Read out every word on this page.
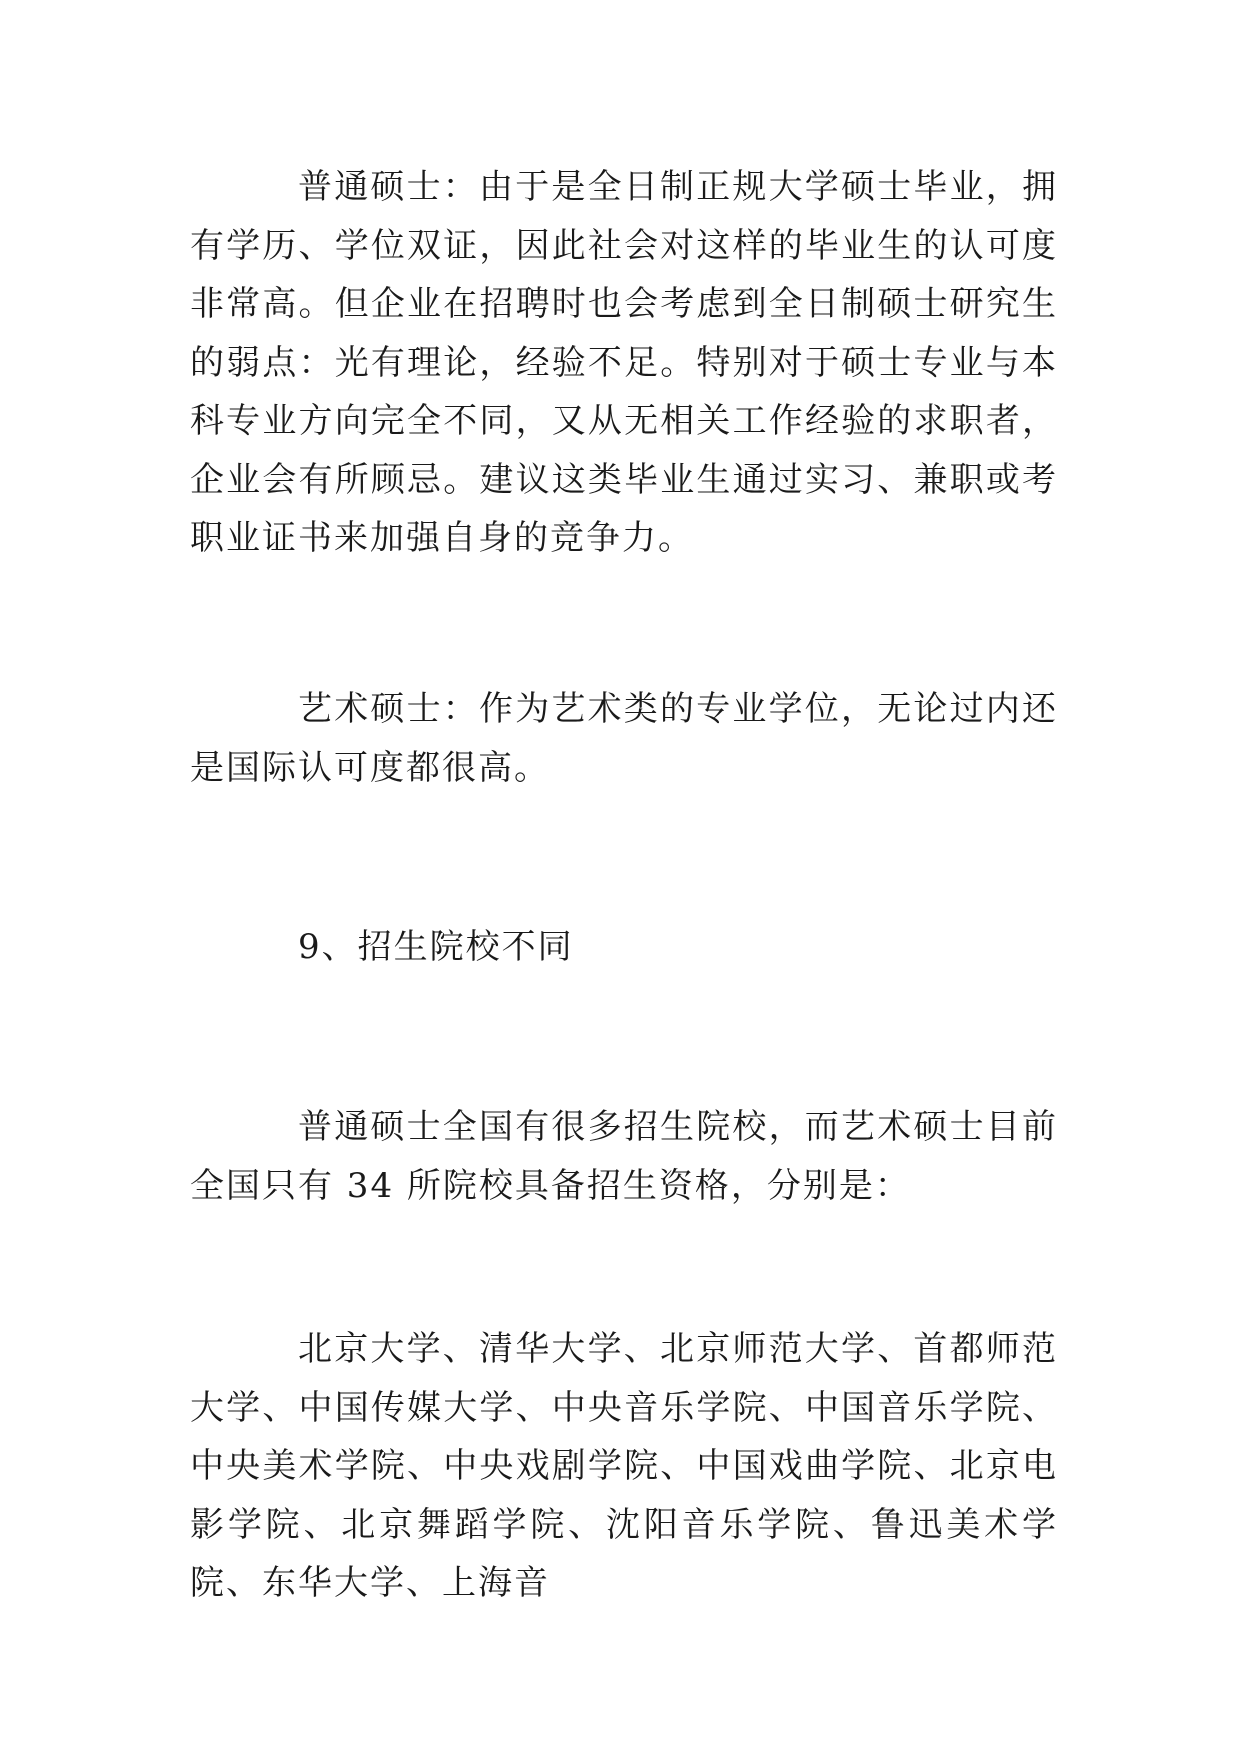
普通硕士：由于是全日制正规大学硕士毕业，拥有学历、学位双证，因此社会对这样的毕业生的认可度非常高。但企业在招聘时也会考虑到全日制硕士研究生的弱点：光有理论，经验不足。特别对于硕士专业与本科专业方向完全不同，又从无相关工作经验的求职者，企业会有所顾忌。建议这类毕业生通过实习、兼职或考职业证书来加强自身的竞争力。

艺术硕士：作为艺术类的专业学位，无论过内还是国际认可度都很高。

9、招生院校不同

普通硕士全国有很多招生院校，而艺术硕士目前全国只有 34 所院校具备招生资格，分别是：

北京大学、清华大学、北京师范大学、首都师范大学、中国传媒大学、中央音乐学院、中国音乐学院、中央美术学院、中央戏剧学院、中国戏曲学院、北京电影学院、北京舞蹈学院、沈阳音乐学院、鲁迅美术学院、东华大学、上海音
